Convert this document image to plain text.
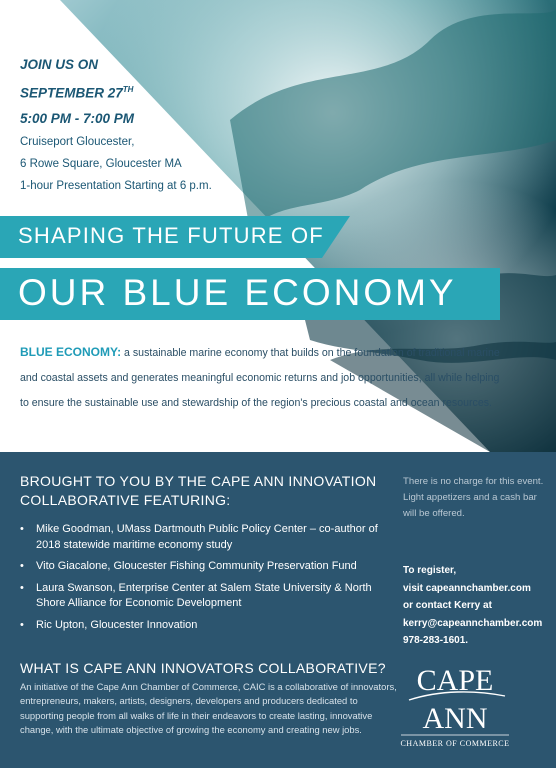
JOIN US ON
SEPTEMBER 27TH
5:00 PM - 7:00 PM
Cruiseport Gloucester,
6 Rowe Square, Gloucester MA
1-hour Presentation Starting at 6 p.m.
SHAPING THE FUTURE OF
OUR BLUE ECONOMY
BLUE ECONOMY: a sustainable marine economy that builds on the foundation of traditional marine and coastal assets and generates meaningful economic returns and job opportunities, all while helping to ensure the sustainable use and stewardship of the region's precious coastal and ocean resources.
BROUGHT TO YOU BY THE CAPE ANN INNOVATION
COLLABORATIVE FEATURING:
• Mike Goodman, UMass Dartmouth Public Policy Center – co-author of 2018 statewide maritime economy study
• Vito Giacalone, Gloucester Fishing Community Preservation Fund
• Laura Swanson, Enterprise Center at Salem State University & North Shore Alliance for Economic Development
• Ric Upton, Gloucester Innovation
There is no charge for this event. Light appetizers and a cash bar will be offered.
To register,
visit capeannchamber.com
or contact Kerry at
kerry@capeannchamber.com
978-283-1601.
WHAT IS CAPE ANN INNOVATORS COLLABORATIVE?
An initiative of the Cape Ann Chamber of Commerce, CAIC is a collaborative of innovators, entrepreneurs, makers, artists, designers, developers and producers dedicated to supporting people from all walks of life in their endeavors to create lasting, innovative change, with the ultimate objective of growing the economy and creating new jobs.
CAPE
ANN
CHAMBER OF COMMERCE
